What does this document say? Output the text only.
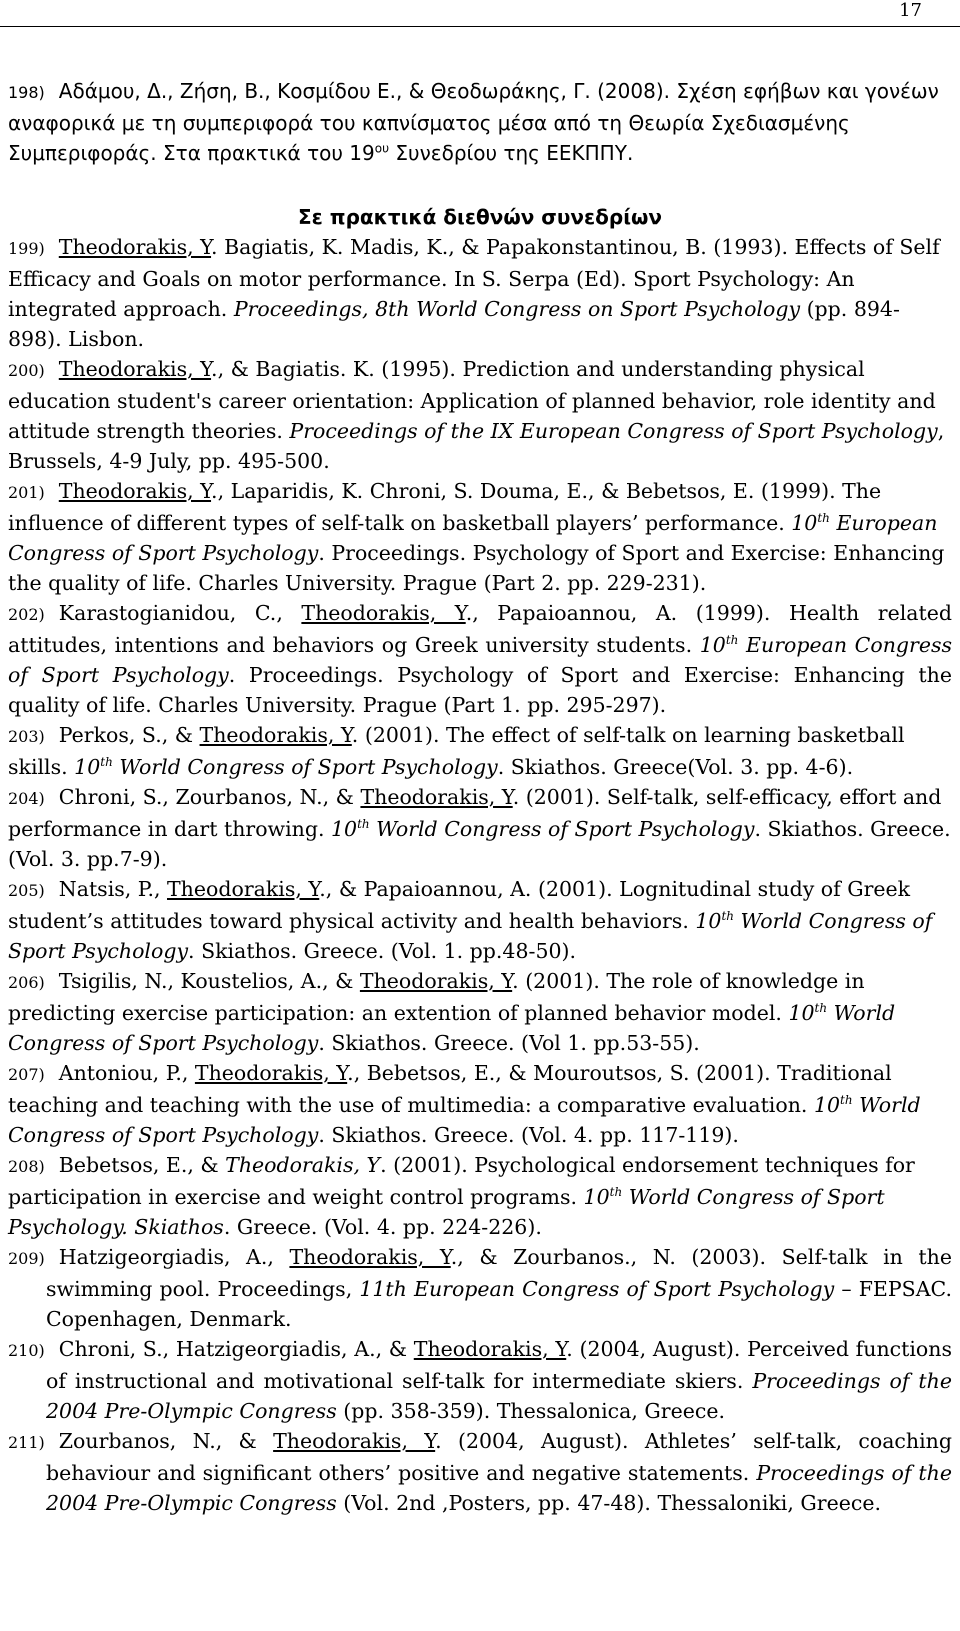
17

198) Αδάμου, Δ., Ζήση, Β., Κοσμίδου Ε., & Θεοδωράκης, Γ. (2008). Σχέση εφήβων και γονέων αναφορικά με τη συμπεριφορά του καπνίσματος μέσα από τη Θεωρία Σχεδιασμένης Συμπεριφοράς. Στα πρακτικά του $19^{o\upsilon}$ Συνεδρίου της ΕΕΚΠΠΥ.

Σε πρακτικά διεθνών συνεδρίων

199) Theodorakis, Y. Bagiatis, K. Madis, K., & Papakonstantinou, B. (1993). Effects of Self Efficacy and Goals on motor performance. In S. Serpa (Ed). Sport Psychology: An integrated approach. Proceedings, 8th World Congress on Sport Psychology (pp. 894-898). Lisbon.

200) Theodorakis, Y., & Bagiatis. K. (1995). Prediction and understanding physical education student's career orientation: Application of planned behavior, role identity and attitude strength theories. Proceedings of the IX European Congress of Sport Psychology, Brussels, 4-9 July, pp. 495-500.

201) Theodorakis, Y., Laparidis, K. Chroni, S. Douma, E., & Bebetsos, E. (1999). The influence of different types of self-talk on basketball players’ performance. 10th European Congress of Sport Psychology. Proceedings. Psychology of Sport and Exercise: Enhancing the quality of life. Charles University. Prague (Part 2. pp. 229-231).

202) Karastogianidou, C., Theodorakis, Y., Papaioannou, A. (1999). Health related attitudes, intentions and behaviors og Greek university students. 10th European Congress of Sport Psychology. Proceedings. Psychology of Sport and Exercise: Enhancing the quality of life. Charles University. Prague (Part 1. pp. 295-297).

203) Perkos, S., & Theodorakis, Y. (2001). The effect of self-talk on learning basketball skills. 10th World Congress of Sport Psychology. Skiathos. Greece(Vol. 3. pp. 4-6).

204) Chroni, S., Zourbanos, N., & Theodorakis, Y. (2001). Self-talk, self-efficacy, effort and performance in dart throwing. 10th World Congress of Sport Psychology. Skiathos. Greece. (Vol. 3. pp.7-9).

205) Natsis, P., Theodorakis, Y., & Papaioannou, A. (2001). Lognitudinal study of Greek student’s attitudes toward physical activity and health behaviors. 10th World Congress of Sport Psychology. Skiathos. Greece. (Vol. 1. pp.48-50).

206) Tsigilis, N., Koustelios, A., & Theodorakis, Y. (2001). The role of knowledge in predicting exercise participation: an extention of planned behavior model. 10th World Congress of Sport Psychology. Skiathos. Greece. (Vol 1. pp.53-55).

207) Antoniou, P., Theodorakis, Y., Bebetsos, E., & Mouroutsos, S. (2001). Traditional teaching and teaching with the use of multimedia: a comparative evaluation. 10th World Congress of Sport Psychology. Skiathos. Greece. (Vol. 4. pp. 117-119).

208) Bebetsos, E., & Theodorakis, Y. (2001). Psychological endorsement techniques for participation in exercise and weight control programs. 10th World Congress of Sport Psychology. Skiathos. Greece. (Vol. 4. pp. 224-226).

209) Hatzigeorgiadis, A., Theodorakis, Y., & Zourbanos., N. (2003). Self-talk in the swimming pool. Proceedings, 11th European Congress of Sport Psychology – FEPSAC. Copenhagen, Denmark.

210) Chroni, S., Hatzigeorgiadis, A., & Theodorakis, Y. (2004, August). Perceived functions of instructional and motivational self-talk for intermediate skiers. Proceedings of the 2004 Pre-Olympic Congress (pp. 358-359). Thessalonica, Greece.

211) Zourbanos, N., & Theodorakis, Y. (2004, August). Athletes’ self-talk, coaching behaviour and significant others’ positive and negative statements. Proceedings of the 2004 Pre-Olympic Congress (Vol. 2nd ,Posters, pp. 47-48). Thessaloniki, Greece.
